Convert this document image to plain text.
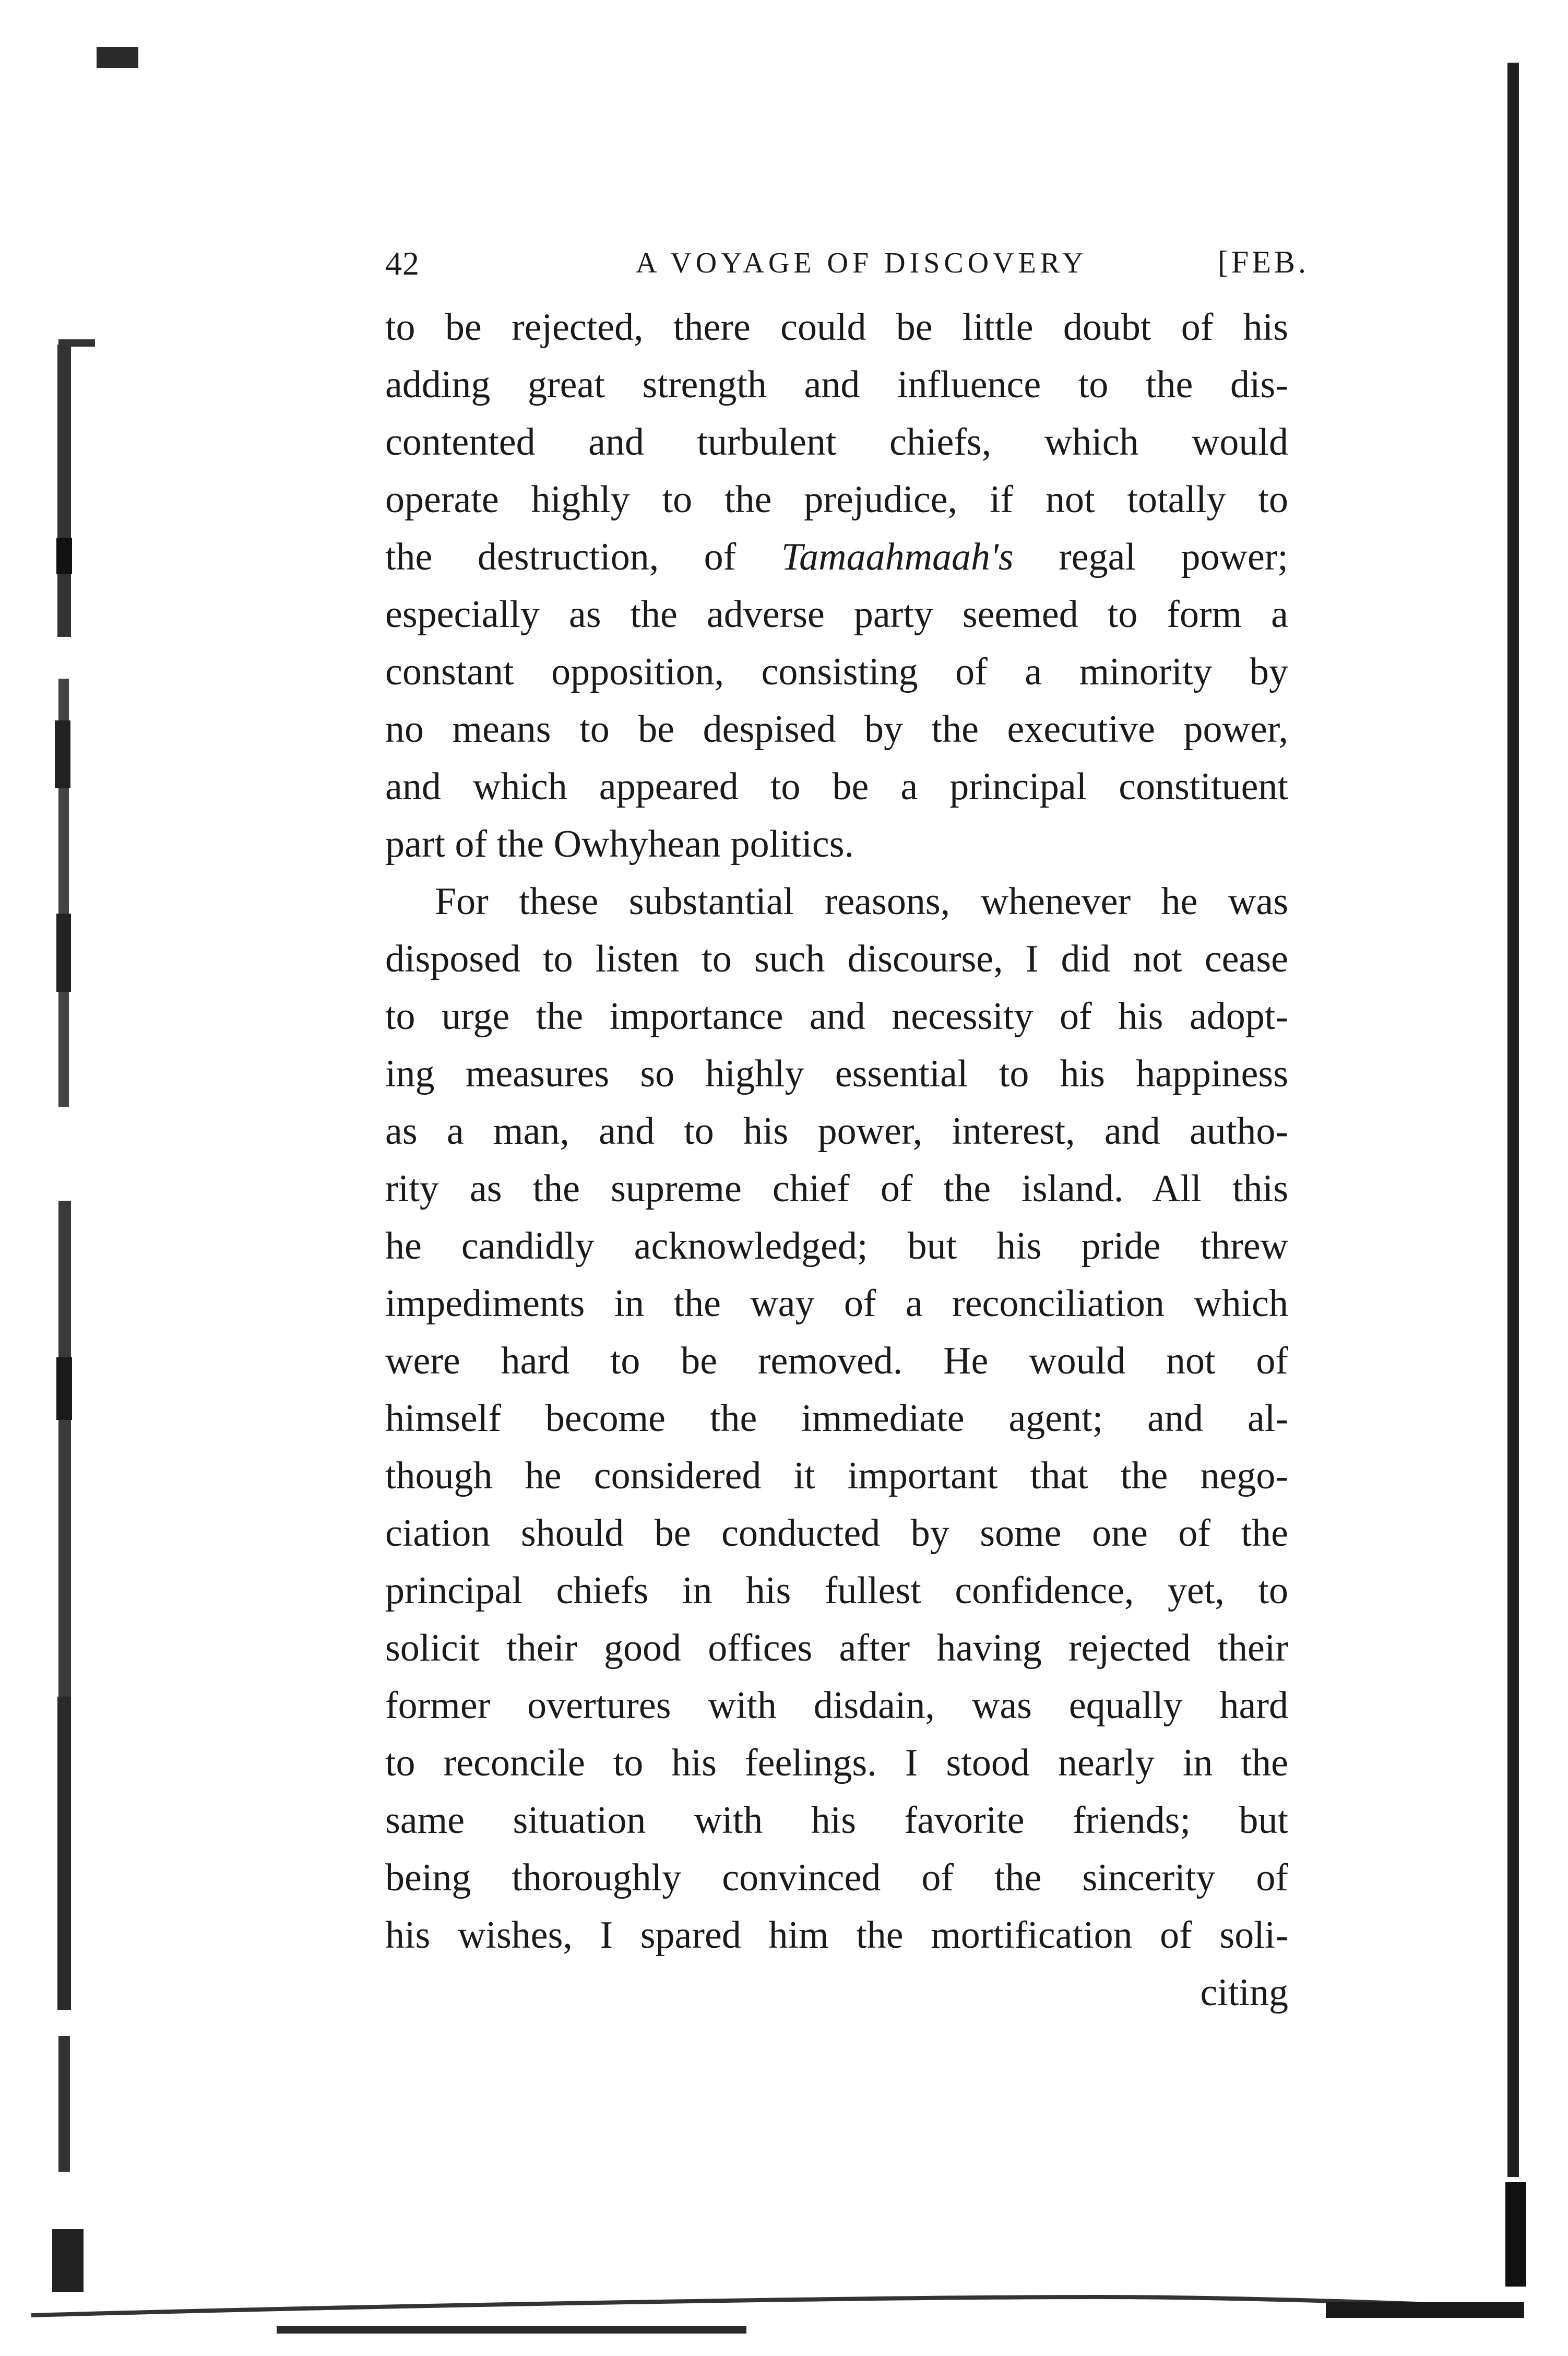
42	A VOYAGE OF DISCOVERY	[FEB.
to be rejected, there could be little doubt of his
adding great strength and influence to the dis-
contented and turbulent chiefs, which would
operate highly to the prejudice, if not totally to
the destruction, of Tamaahmaah's regal power;
especially as the adverse party seemed to form a
constant opposition, consisting of a minority by
no means to be despised by the executive power,
and which appeared to be a principal constituent
part of the Owhyhean politics.
For these substantial reasons, whenever he was
disposed to listen to such discourse, I did not cease
to urge the importance and necessity of his adopt-
ing measures so highly essential to his happiness
as a man, and to his power, interest, and autho-
rity as the supreme chief of the island. All this
he candidly acknowledged; but his pride threw
impediments in the way of a reconciliation which
were hard to be removed. He would not of
himself become the immediate agent; and al-
though he considered it important that the nego-
ciation should be conducted by some one of the
principal chiefs in his fullest confidence, yet, to
solicit their good offices after having rejected their
former overtures with disdain, was equally hard
to reconcile to his feelings. I stood nearly in the
same situation with his favorite friends; but
being thoroughly convinced of the sincerity of
his wishes, I spared him the mortification of soli-
citing
